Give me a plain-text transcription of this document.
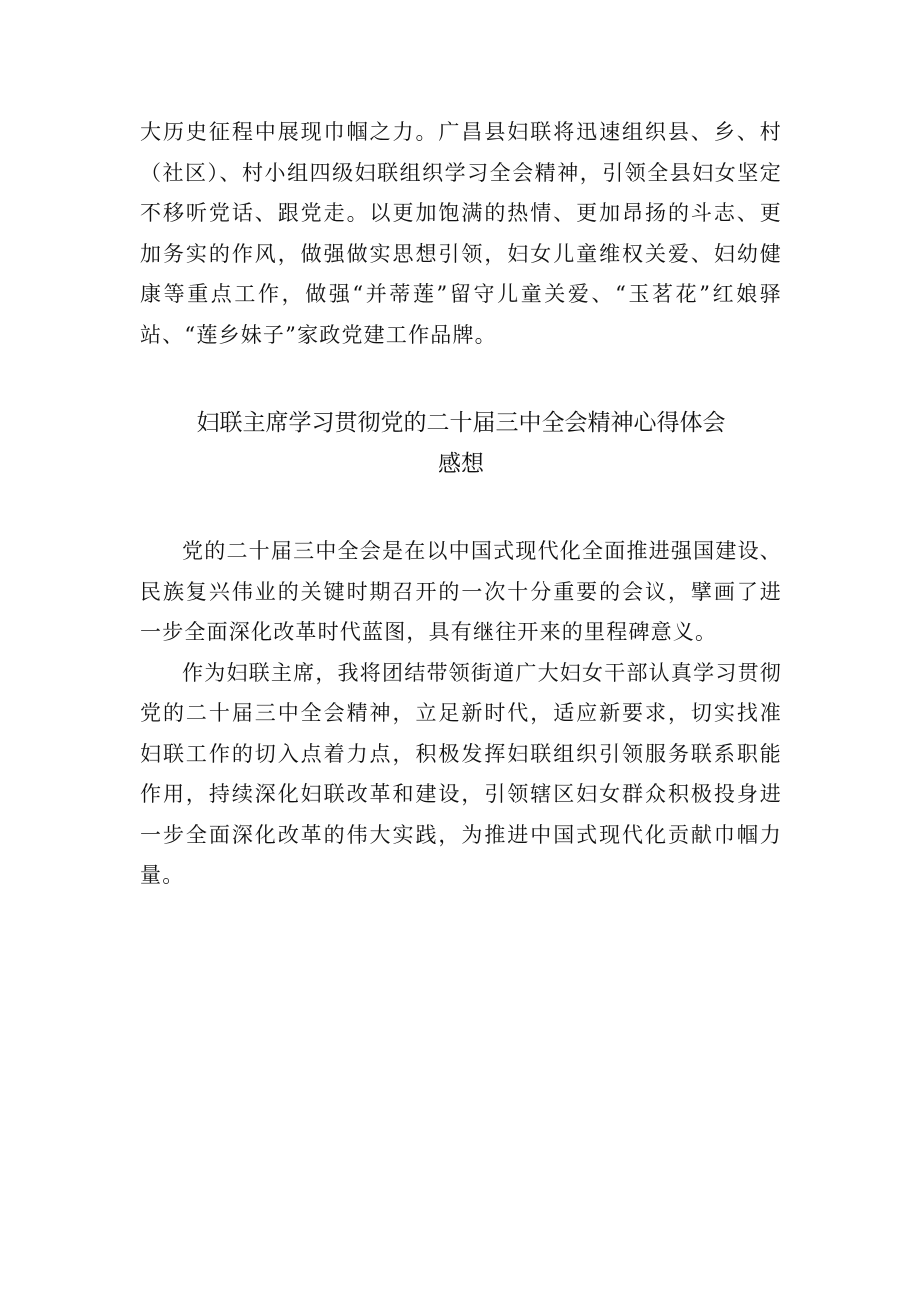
大历史征程中展现巾帼之力。广昌县妇联将迅速组织县、乡、村（社区）、村小组四级妇联组织学习全会精神，引领全县妇女坚定不移听党话、跟党走。以更加饱满的热情、更加昂扬的斗志、更加务实的作风，做强做实思想引领，妇女儿童维权关爱、妇幼健康等重点工作，做强“并蒂莲”留守儿童关爱、“玉茗花”红娘驿站、“莲乡妹子”家政党建工作品牌。

妇联主席学习贯彻党的二十届三中全会精神心得体会

感想

党的二十届三中全会是在以中国式现代化全面推进强国建设、民族复兴伟业的关键时期召开的一次十分重要的会议，擘画了进一步全面深化改革时代蓝图，具有继往开来的里程碑意义。

作为妇联主席，我将团结带领街道广大妇女干部认真学习贯彻党的二十届三中全会精神，立足新时代，适应新要求，切实找准妇联工作的切入点着力点，积极发挥妇联组织引领服务联系职能作用，持续深化妇联改革和建设，引领辖区妇女群众积极投身进一步全面深化改革的伟大实践，为推进中国式现代化贡献巾帼力量。
